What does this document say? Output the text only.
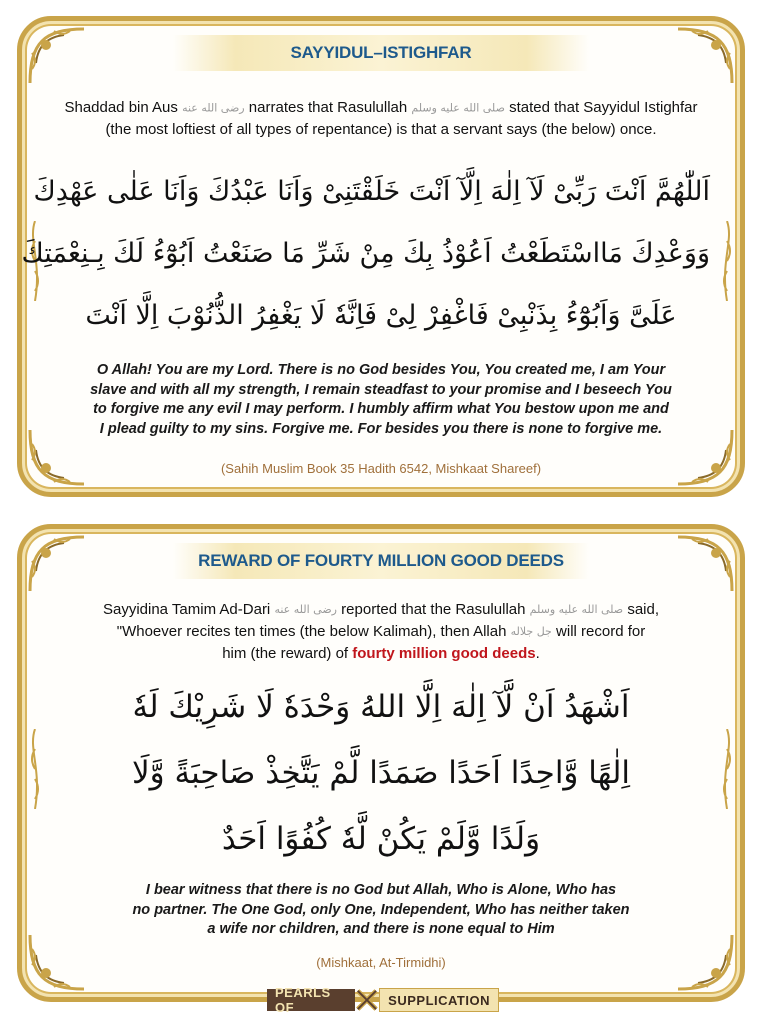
SAYYIDUL–ISTIGHFAR
Shaddad bin Aus رضی الله عنه narrates that Rasulullah صلی الله علیه وسلم stated that Sayyidul Istighfar
(the most loftiest of all types of repentance) is that a servant says (the below) once.
اَللّٰهُمَّ اَنْتَ رَبِّیْ لَآ اِلٰهَ اِلَّآ اَنْتَ خَلَقْتَنِیْ وَاَنَا عَبْدُكَ وَاَنَا عَلٰی عَهْدِكَ
وَوَعْدِكَ مَااسْتَطَعْتُ اَعُوْذُ بِكَ مِنْ شَرِّ مَا صَنَعْتُ اَبُوْٓءُ لَكَ بِـنِعْمَتِكَ
عَلَیَّ وَاَبُوْٓءُ بِذَنْبِیْ فَاغْفِرْ لِیْ فَاِنَّهٗ لَا یَغْفِرُ الذُّنُوْبَ اِلَّا اَنْتَ
O Allah! You are my Lord. There is no God besides You, You created me, I am Your
slave and with all my strength, I remain steadfast to your promise and I beseech You
to forgive me any evil I may perform. I humbly affirm what You bestow upon me and
I plead guilty to my sins. Forgive me. For besides you there is none to forgive me.
(Sahih Muslim Book 35 Hadith 6542, Mishkaat Shareef)
REWARD OF FOURTY MILLION GOOD DEEDS
Sayyidina Tamim Ad-Dari رضی الله عنه reported that the Rasulullah صلی الله علیه وسلم said,
"Whoever recites ten times (the below Kalimah), then Allah جل جلاله will record for
him (the reward) of fourty million good deeds.
اَشْهَدُ اَنْ لَّآ اِلٰهَ اِلَّا اللهُ وَحْدَهٗ لَا شَرِیْكَ لَهٗ
اِلٰهًا وَّاحِدًا اَحَدًا صَمَدًا لَّمْ یَتَّخِذْ صَاحِبَةً وَّلَا
وَلَدًا وَّلَمْ یَكُنْ لَّهٗ كُفُوًا اَحَدٌ
I bear witness that there is no God but Allah, Who is Alone, Who has
no partner. The One God, only One, Independent, Who has neither taken
a wife nor children, and there is none equal to Him
(Mishkaat, At-Tirmidhi)
PEARLS OF	SUPPLICATION
